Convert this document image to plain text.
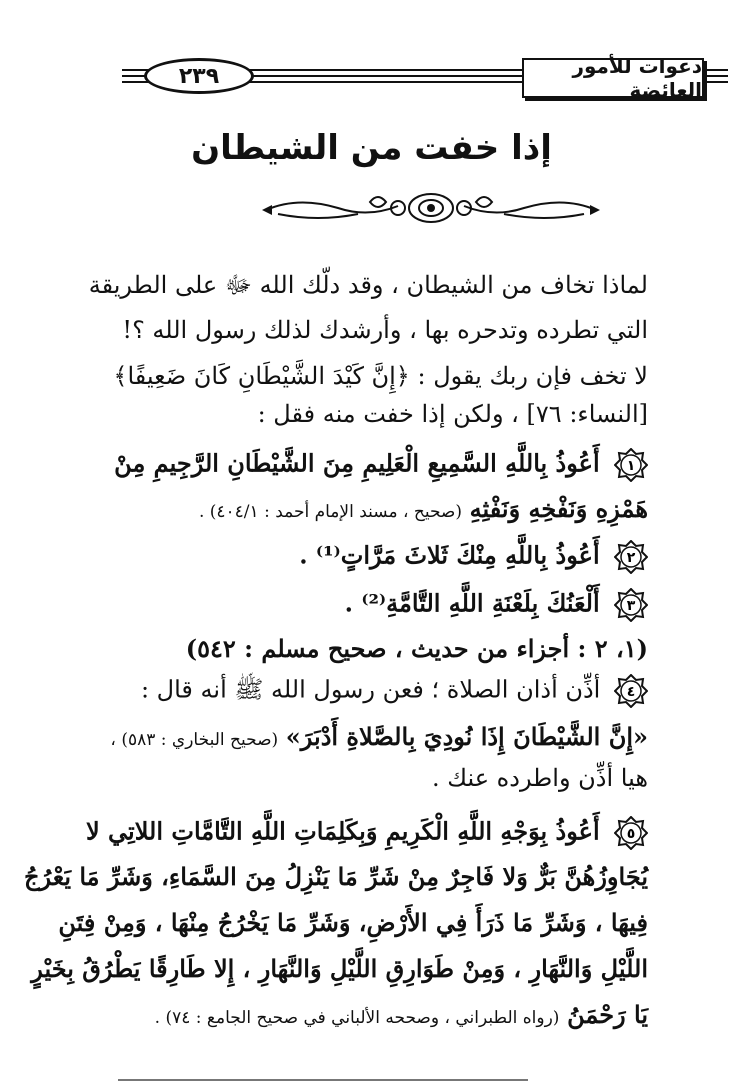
٢٣٩	دعوات للأمور العائضة
إذا خفت من الشيطان
لماذا تخاف من الشيطان ، وقد دلّك الله ﷻ على الطريقة
التي تطرده وتدحره بها ، وأرشدك لذلك رسول الله ؟!
لا تخف فإن ربك يقول : ﴿إِنَّ كَيْدَ الشَّيْطَانِ كَانَ ضَعِيفًا﴾
[النساء: ٧٦] ، ولكن إذا خفت منه فقل :
١
أَعُوذُ بِاللَّهِ السَّمِيعِ الْعَلِيمِ مِنَ الشَّيْطَانِ الرَّجِيمِ مِنْ
هَمْزِهِ وَنَفْخِهِ وَنَفْثِهِ (صحيح ، مسند الإمام أحمد : ٤٠٤/١) .
٢
أَعُوذُ بِاللَّهِ مِنْكَ ثَلاثَ مَرَّاتٍ⁽¹⁾ .
٣
أَلْعَنُكَ بِلَعْنَةِ اللَّهِ التَّامَّةِ⁽²⁾ .
(١، ٢ : أجزاء من حديث ، صحيح مسلم : ٥٤٢)
٤
أذِّن أذان الصلاة ؛ فعن رسول الله ﷺ أنه قال :
«إِنَّ الشَّيْطَانَ إِذَا نُودِيَ بِالصَّلاةِ أَدْبَرَ» (صحيح البخاري : ٥٨٣) ،
هيا أذِّن واطرده عنك .
٥
أَعُوذُ بِوَجْهِ اللَّهِ الْكَرِيمِ وَبِكَلِمَاتِ اللَّهِ التَّامَّاتِ اللاتِي لا
يُجَاوِزُهُنَّ بَرٌّ وَلا فَاجِرٌ مِنْ شَرِّ مَا يَنْزِلُ مِنَ السَّمَاءِ، وَشَرِّ مَا يَعْرُجُ
فِيهَا ، وَشَرِّ مَا ذَرَأَ فِي الأَرْضِ، وَشَرِّ مَا يَخْرُجُ مِنْهَا ، وَمِنْ فِتَنِ
اللَّيْلِ وَالنَّهَارِ ، وَمِنْ طَوَارِقِ اللَّيْلِ وَالنَّهَارِ ، إِلا طَارِقًا يَطْرُقُ بِخَيْرٍ
يَا رَحْمَنُ (رواه الطبراني ، وصححه الألباني في صحيح الجامع : ٧٤) .
